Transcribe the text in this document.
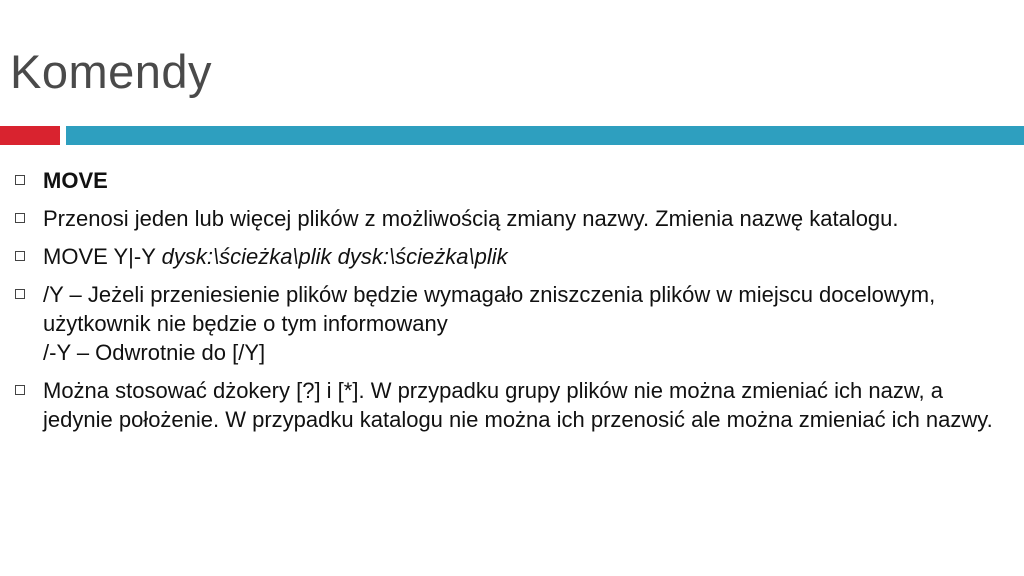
Komendy
MOVE
Przenosi jeden lub więcej plików z możliwością zmiany nazwy. Zmienia nazwę katalogu.
MOVE Y|-Y dysk:\ścieżka\plik dysk:\ścieżka\plik
/Y – Jeżeli przeniesienie plików będzie wymagało zniszczenia plików w miejscu docelowym, użytkownik nie będzie o tym informowany
/-Y – Odwrotnie do [/Y]
Można stosować dżokery [?] i [*]. W przypadku grupy plików nie można zmieniać ich nazw, a jedynie położenie. W przypadku katalogu nie można ich przenosić ale można zmieniać ich nazwy.
